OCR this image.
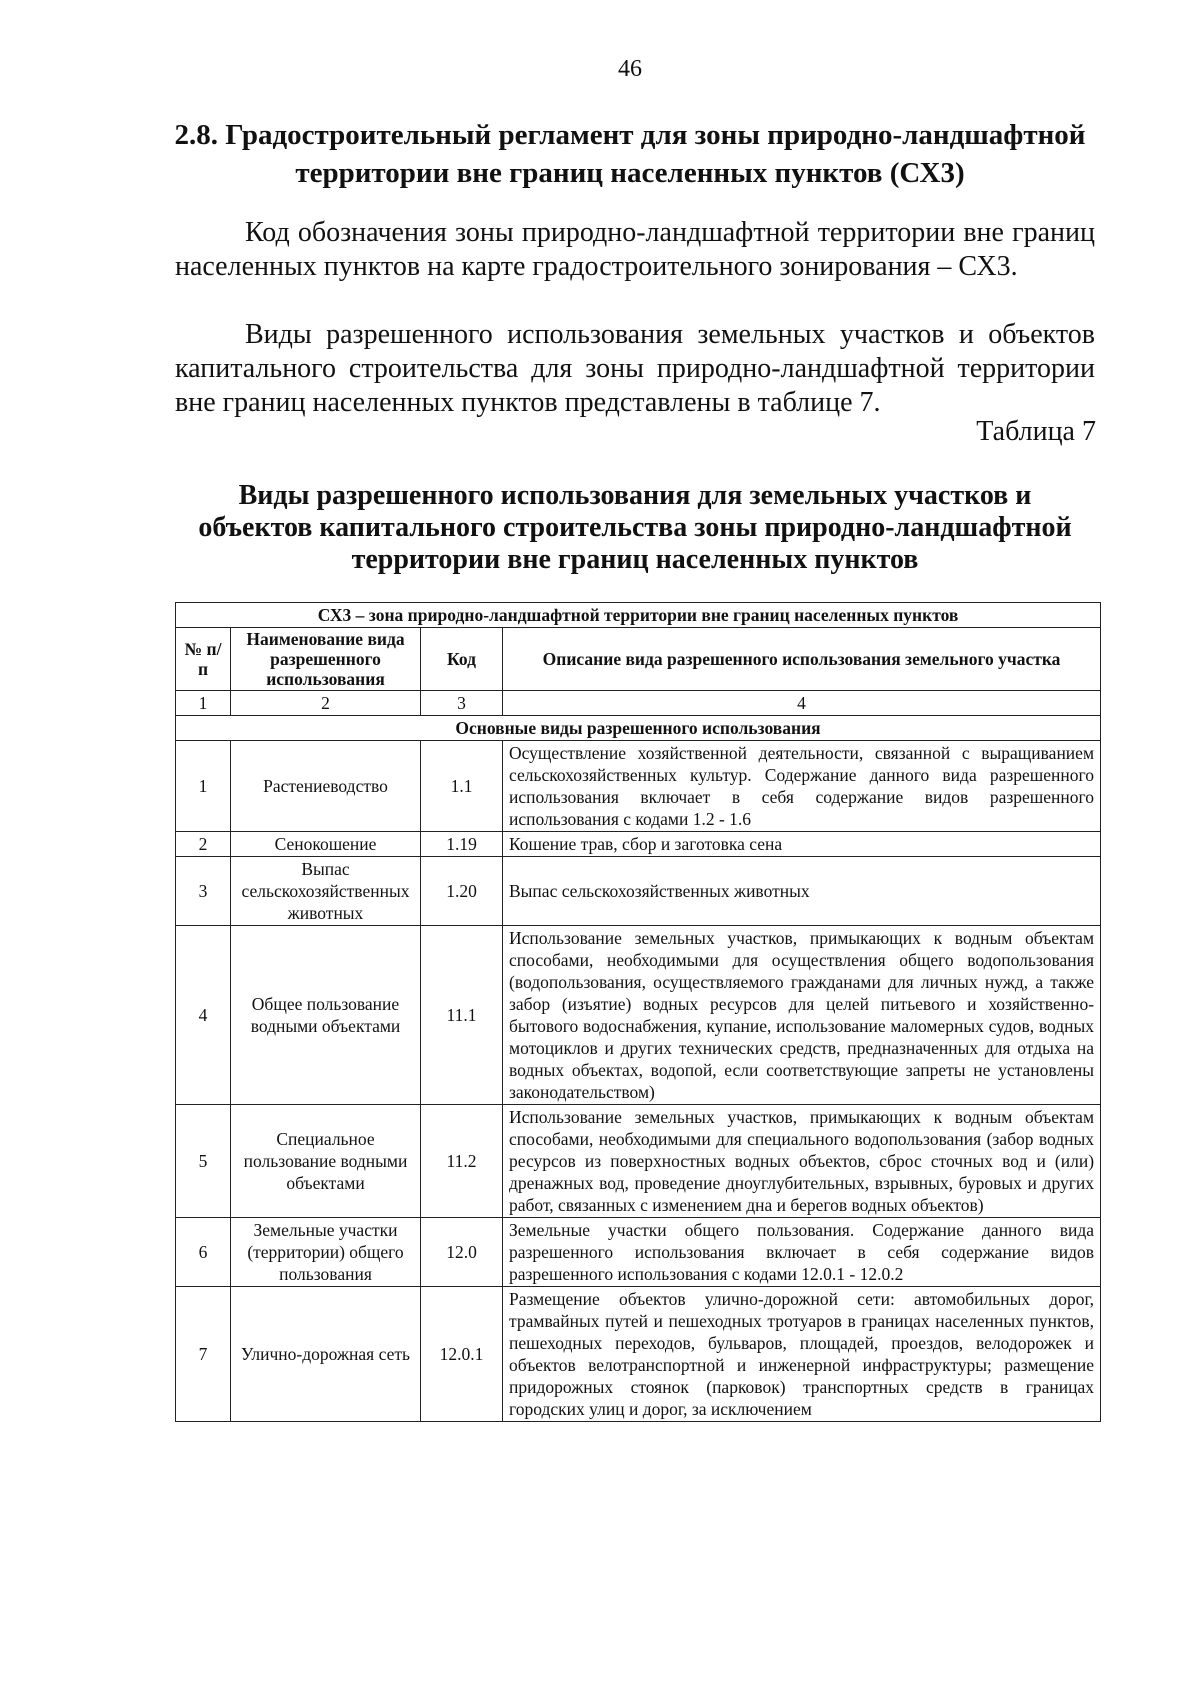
46
2.8. Градостроительный регламент для зоны природно-ландшафтной
территории вне границ населенных пунктов (СХ3)
Код обозначения зоны природно-ландшафтной территории вне границ населенных пунктов на карте градостроительного зонирования – СХ3.
Виды разрешенного использования земельных участков и объектов капитального строительства для зоны природно-ландшафтной территории вне границ населенных пунктов представлены в таблице 7.
Таблица 7
Виды разрешенного использования для земельных участков и
объектов капитального строительства зоны природно-ландшафтной
территории вне границ населенных пунктов
СХ3 – зона природно-ландшафтной территории вне границ населенных пунктов			
№ п/п	Наименование вида разрешенного использования	Код	Описание вида разрешенного использования земельного участка
1	2	3	4
Основные виды разрешенного использования			
1	Растениеводство	1.1	Осуществление хозяйственной деятельности, связанной с выращиванием сельскохозяйственных культур. Содержание данного вида разрешенного использования включает в себя содержание видов разрешенного использования с кодами 1.2 - 1.6
2	Сенокошение	1.19	Кошение трав, сбор и заготовка сена
3	Выпас сельскохозяйственных животных	1.20	Выпас сельскохозяйственных животных
4	Общее пользование водными объектами	11.1	Использование земельных участков, примыкающих к водным объектам способами, необходимыми для осуществления общего водопользования (водопользования, осуществляемого гражданами для личных нужд, а также забор (изъятие) водных ресурсов для целей питьевого и хозяйственно-бытового водоснабжения, купание, использование маломерных судов, водных мотоциклов и других технических средств, предназначенных для отдыха на водных объектах, водопой, если соответствующие запреты не установлены законодательством)
5	Специальное пользование водными объектами	11.2	Использование земельных участков, примыкающих к водным объектам способами, необходимыми для специального водопользования (забор водных ресурсов из поверхностных водных объектов, сброс сточных вод и (или) дренажных вод, проведение дноуглубительных, взрывных, буровых и других работ, связанных с изменением дна и берегов водных объектов)
6	Земельные участки (территории) общего пользования	12.0	Земельные участки общего пользования. Содержание данного вида разрешенного использования включает в себя содержание видов разрешенного использования с кодами 12.0.1 - 12.0.2
7	Улично-дорожная сеть	12.0.1	Размещение объектов улично-дорожной сети: автомобильных дорог, трамвайных путей и пешеходных тротуаров в границах населенных пунктов, пешеходных переходов, бульваров, площадей, проездов, велодорожек и объектов велотранспортной и инженерной инфраструктуры; размещение придорожных стоянок (парковок) транспортных средств в границах городских улиц и дорог, за исключением
